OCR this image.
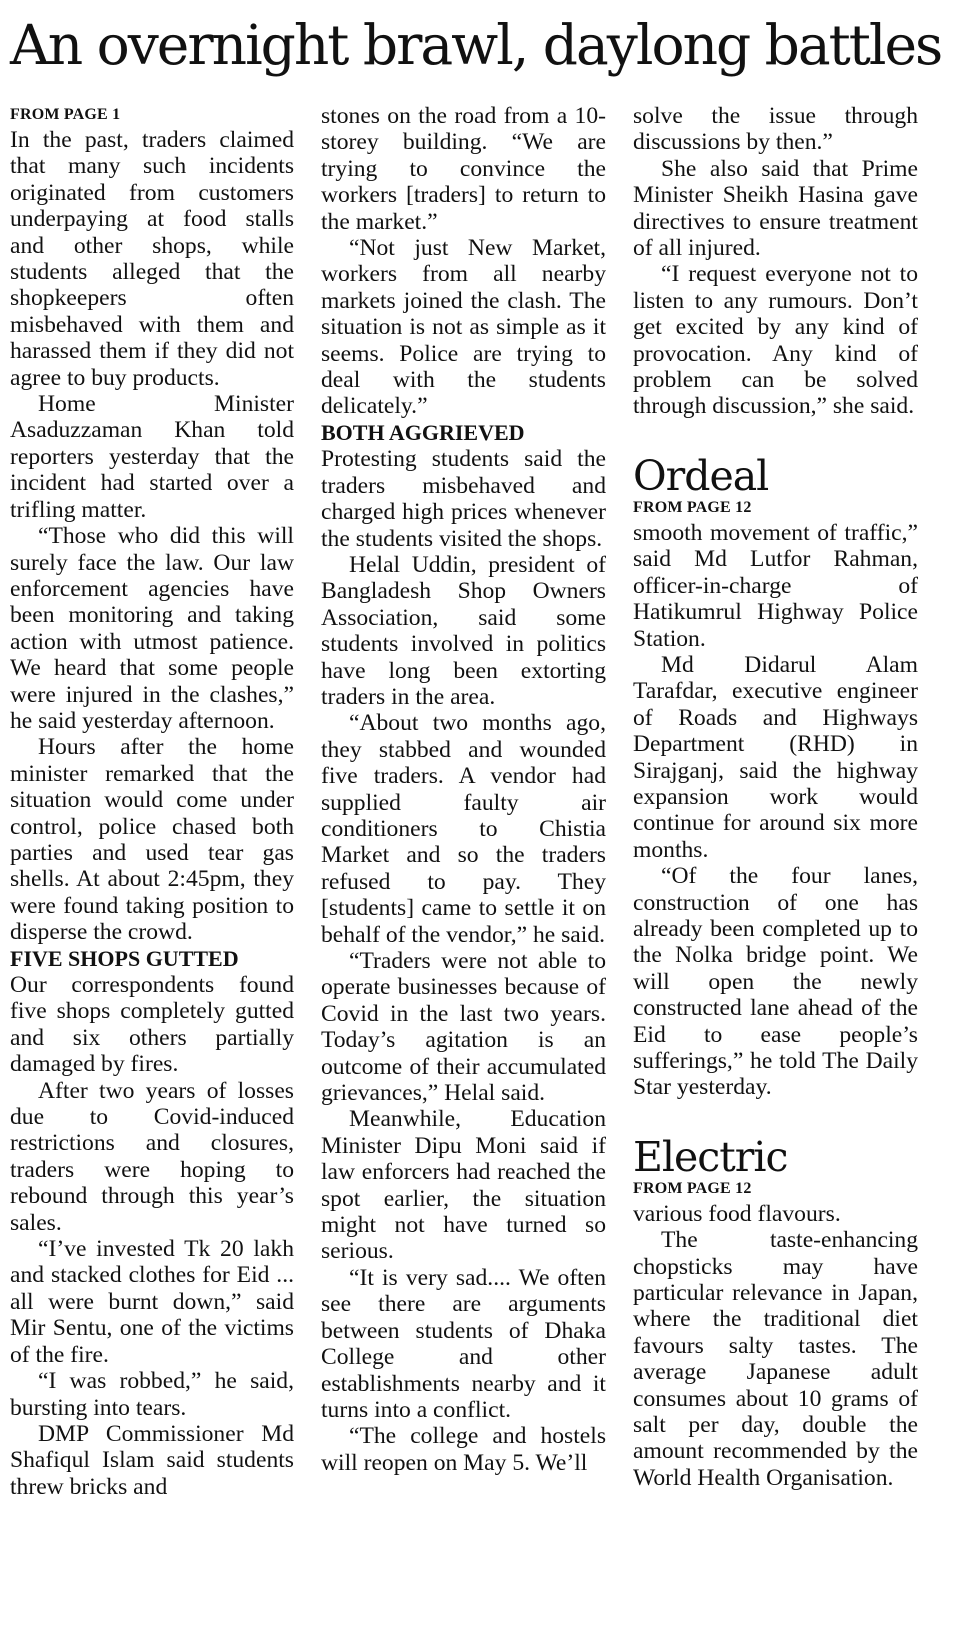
An overnight brawl, daylong battles
FROM PAGE 1

In the past, traders claimed that many such incidents originated from customers underpaying at food stalls and other shops, while students alleged that the shopkeepers often misbehaved with them and harassed them if they did not agree to buy products.

Home Minister Asaduzzaman Khan told reporters yesterday that the incident had started over a trifling matter.

“Those who did this will surely face the law. Our law enforcement agencies have been monitoring and taking action with utmost patience. We heard that some people were injured in the clashes,” he said yesterday afternoon.

Hours after the home minister remarked that the situation would come under control, police chased both parties and used tear gas shells. At about 2:45pm, they were found taking position to disperse the crowd.

FIVE SHOPS GUTTED

Our correspondents found five shops completely gutted and six others partially damaged by fires.

After two years of losses due to Covid-induced restrictions and closures, traders were hoping to rebound through this year’s sales.

“I’ve invested Tk 20 lakh and stacked clothes for Eid ... all were burnt down,” said Mir Sentu, one of the victims of the fire.

“I was robbed,” he said, bursting into tears.

DMP Commissioner Md Shafiqul Islam said students threw bricks and

stones on the road from a 10-storey building. “We are trying to convince the workers [traders] to return to the market.”

“Not just New Market, workers from all nearby markets joined the clash. The situation is not as simple as it seems. Police are trying to deal with the students delicately.”

BOTH AGGRIEVED

Protesting students said the traders misbehaved and charged high prices whenever the students visited the shops.

Helal Uddin, president of Bangladesh Shop Owners Association, said some students involved in politics have long been extorting traders in the area.

“About two months ago, they stabbed and wounded five traders. A vendor had supplied faulty air conditioners to Chistia Market and so the traders refused to pay. They [students] came to settle it on behalf of the vendor,” he said.

“Traders were not able to operate businesses because of Covid in the last two years. Today’s agitation is an outcome of their accumulated grievances,” Helal said.

Meanwhile, Education Minister Dipu Moni said if law enforcers had reached the spot earlier, the situation might not have turned so serious.

“It is very sad.... We often see there are arguments between students of Dhaka College and other establishments nearby and it turns into a conflict.

“The college and hostels will reopen on May 5. We’ll

solve the issue through discussions by then.”

She also said that Prime Minister Sheikh Hasina gave directives to ensure treatment of all injured.

“I request everyone not to listen to any rumours. Don’t get excited by any kind of provocation. Any kind of problem can be solved through discussion,” she said.

Ordeal
FROM PAGE 12

smooth movement of traffic,” said Md Lutfor Rahman, officer-in-charge of Hatikumrul Highway Police Station.

Md Didarul Alam Tarafdar, executive engineer of Roads and Highways Department (RHD) in Sirajganj, said the highway expansion work would continue for around six more months.

“Of the four lanes, construction of one has already been completed up to the Nolka bridge point. We will open the newly constructed lane ahead of the Eid to ease people’s sufferings,” he told The Daily Star yesterday.

Electric
FROM PAGE 12

various food flavours.

The taste-enhancing chopsticks may have particular relevance in Japan, where the traditional diet favours salty tastes. The average Japanese adult consumes about 10 grams of salt per day, double the amount recommended by the World Health Organisation.
